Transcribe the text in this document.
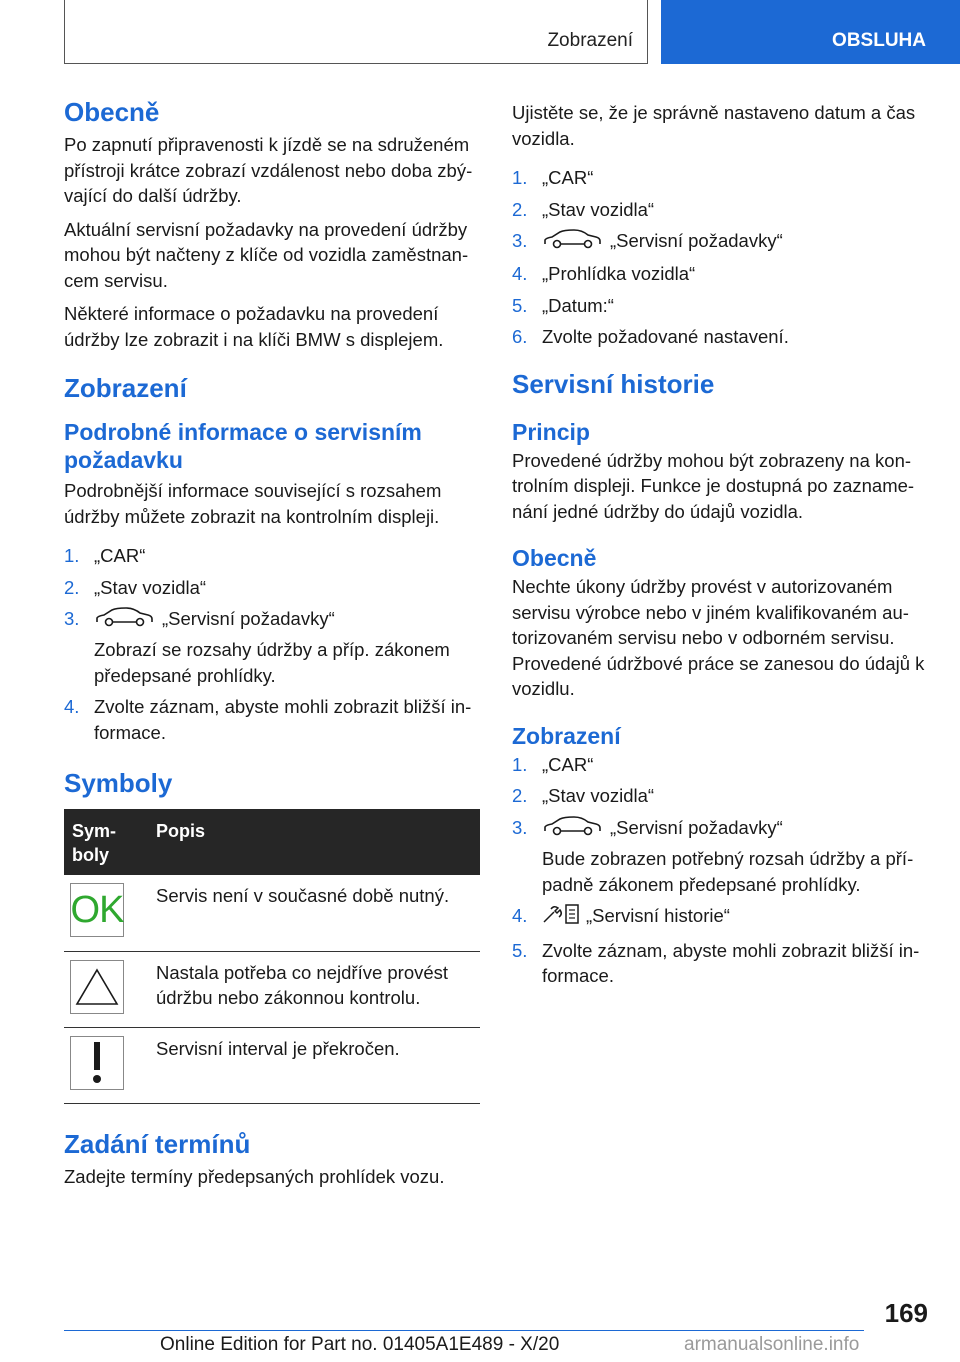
Zobrazení	OBSLUHA
Obecně

Po zapnutí připravenosti k jízdě se na sdruženém přístroji krátce zobrazí vzdálenost nebo doba zbý‐vající do další údržby.

Aktuální servisní požadavky na provedení údržby mohou být načteny z klíče od vozidla zaměstnan‐cem servisu.

Některé informace o požadavku na provedení údržby lze zobrazit i na klíči BMW s displejem.

Zobrazení
Podrobné informace o servisním požadavku

Podrobnější informace související s rozsahem údržby můžete zobrazit na kontrolním displeji.

1. „CAR“
2. „Stav vozidla“
3.	„Servisní požadavky“
Zobrazí se rozsahy údržby a příp. zákonem předepsané prohlídky.
4. Zvolte záznam, abyste mohli zobrazit bližší in‐formace.
Symboly
Sym‐boly	Popis

OK	Servis není v současné době nutný.

	Nastala potřeba co nejdříve provést údržbu nebo zákonnou kontrolu.

	Servisní interval je překročen.
Zadání termínů

Zadejte termíny předepsaných prohlídek vozu.

Ujistěte se, že je správně nastaveno datum a čas vozidla.

1. „CAR“
2. „Stav vozidla“
3.	„Servisní požadavky“
4. „Prohlídka vozidla“
5. „Datum:“
6. Zvolte požadované nastavení.
Servisní historie
Princip

Provedené údržby mohou být zobrazeny na kon‐trolním displeji. Funkce je dostupná po zazname‐nání jedné údržby do údajů vozidla.

Obecně

Nechte úkony údržby provést v autorizovaném servisu výrobce nebo v jiném kvalifikovaném au‐torizovaném servisu nebo v odborném servisu. Provedené údržbové práce se zanesou do údajů k vozidlu.

Zobrazení
1. „CAR“
2. „Stav vozidla“
3.	„Servisní požadavky“
Bude zobrazen potřebný rozsah údržby a pří‐padně zákonem předepsané prohlídky.
4.	„Servisní historie“
5. Zvolte záznam, abyste mohli zobrazit bližší in‐formace.
169
Online Edition for Part no. 01405A1E489 - X/20	armanualsonline.info
